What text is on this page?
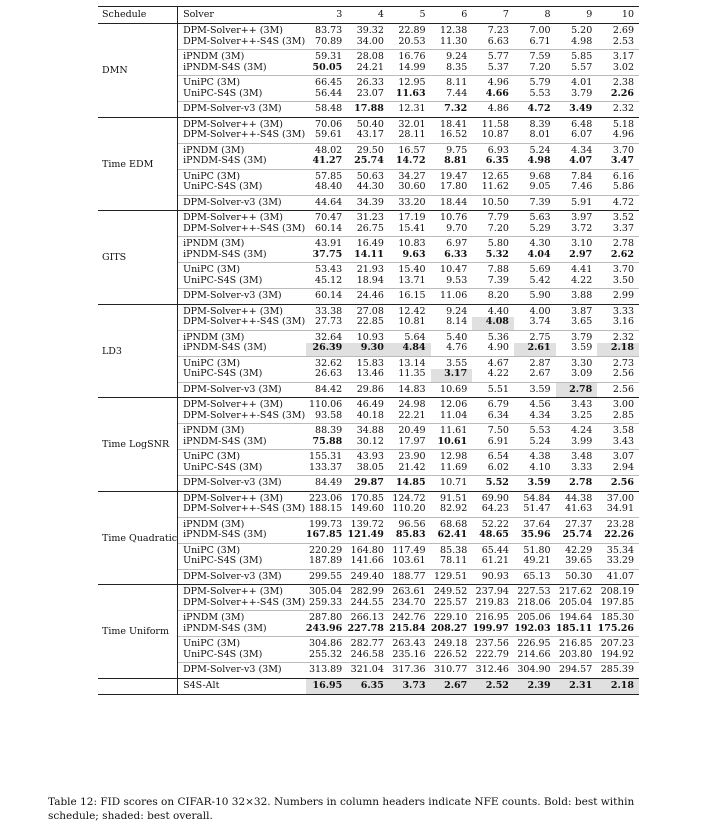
Schedule	Solver	3	4	5	6	7	8	9	10
DMN	DPM-Solver++ (3M)	83.73	39.32	22.89	12.38	7.23	7.00	5.20	2.69
	DPM-Solver++-S4S (3M)	70.89	34.00	20.53	11.30	6.63	6.71	4.98	2.53
	iPNDM (3M)	59.31	28.08	16.76	9.24	5.77	7.59	5.85	3.17
	iPNDM-S4S (3M)	50.05	24.21	14.99	8.35	5.37	7.20	5.57	3.02
	UniPC (3M)	66.45	26.33	12.95	8.11	4.96	5.79	4.01	2.38
	UniPC-S4S (3M)	56.44	23.07	11.63	7.44	4.66	5.53	3.79	2.26
	DPM-Solver-v3 (3M)	58.48	17.88	12.31	7.32	4.86	4.72	3.49	2.32
Time EDM	DPM-Solver++ (3M)	70.06	50.40	32.01	18.41	11.58	8.39	6.48	5.18
	DPM-Solver++-S4S (3M)	59.61	43.17	28.11	16.52	10.87	8.01	6.07	4.96
	iPNDM (3M)	48.02	29.50	16.57	9.75	6.93	5.24	4.34	3.70
	iPNDM-S4S (3M)	41.27	25.74	14.72	8.81	6.35	4.98	4.07	3.47
	UniPC (3M)	57.85	50.63	34.27	19.47	12.65	9.68	7.84	6.16
	UniPC-S4S (3M)	48.40	44.30	30.60	17.80	11.62	9.05	7.46	5.86
	DPM-Solver-v3 (3M)	44.64	34.39	33.20	18.44	10.50	7.39	5.91	4.72
GITS	DPM-Solver++ (3M)	70.47	31.23	17.19	10.76	7.79	5.63	3.97	3.52
	DPM-Solver++-S4S (3M)	60.14	26.75	15.41	9.70	7.20	5.29	3.72	3.37
	iPNDM (3M)	43.91	16.49	10.83	6.97	5.80	4.30	3.10	2.78
	iPNDM-S4S (3M)	37.75	14.11	9.63	6.33	5.32	4.04	2.97	2.62
	UniPC (3M)	53.43	21.93	15.40	10.47	7.88	5.69	4.41	3.70
	UniPC-S4S (3M)	45.12	18.94	13.71	9.53	7.39	5.42	4.22	3.50
	DPM-Solver-v3 (3M)	60.14	24.46	16.15	11.06	8.20	5.90	3.88	2.99
LD3	DPM-Solver++ (3M)	33.38	27.08	12.42	9.24	4.40	4.00	3.87	3.33
	DPM-Solver++-S4S (3M)	27.73	22.85	10.81	8.14	4.08	3.74	3.65	3.16
	iPNDM (3M)	32.64	10.93	5.64	5.40	5.36	2.75	3.79	2.32
	iPNDM-S4S (3M)	26.39	9.30	4.84	4.76	4.90	2.61	3.59	2.18
	UniPC (3M)	32.62	15.83	13.14	3.55	4.67	2.87	3.30	2.73
	UniPC-S4S (3M)	26.63	13.46	11.35	3.17	4.22	2.67	3.09	2.56
	DPM-Solver-v3 (3M)	84.42	29.86	14.83	10.69	5.51	3.59	2.78	2.56
Time LogSNR	DPM-Solver++ (3M)	110.06	46.49	24.98	12.06	6.79	4.56	3.43	3.00
	DPM-Solver++-S4S (3M)	93.58	40.18	22.21	11.04	6.34	4.34	3.25	2.85
	iPNDM (3M)	88.39	34.88	20.49	11.61	7.50	5.53	4.24	3.58
	iPNDM-S4S (3M)	75.88	30.12	17.97	10.61	6.91	5.24	3.99	3.43
	UniPC (3M)	155.31	43.93	23.90	12.98	6.54	4.38	3.48	3.07
	UniPC-S4S (3M)	133.37	38.05	21.42	11.69	6.02	4.10	3.33	2.94
	DPM-Solver-v3 (3M)	84.49	29.87	14.85	10.71	5.52	3.59	2.78	2.56
Time Quadratic	DPM-Solver++ (3M)	223.06	170.85	124.72	91.51	69.90	54.84	44.38	37.00
	DPM-Solver++-S4S (3M)	188.15	149.60	110.20	82.92	64.23	51.47	41.63	34.91
	iPNDM (3M)	199.73	139.72	96.56	68.68	52.22	37.64	27.37	23.28
	iPNDM-S4S (3M)	167.85	121.49	85.83	62.41	48.65	35.96	25.74	22.26
	UniPC (3M)	220.29	164.80	117.49	85.38	65.44	51.80	42.29	35.34
	UniPC-S4S (3M)	187.89	141.66	103.61	78.11	61.21	49.21	39.65	33.29
	DPM-Solver-v3 (3M)	299.55	249.40	188.77	129.51	90.93	65.13	50.30	41.07
Time Uniform	DPM-Solver++ (3M)	305.04	282.99	263.61	249.52	237.94	227.53	217.62	208.19
	DPM-Solver++-S4S (3M)	259.33	244.55	234.70	225.57	219.83	218.06	205.04	197.85
	iPNDM (3M)	287.80	266.13	242.76	229.10	216.95	205.06	194.64	185.30
	iPNDM-S4S (3M)	243.96	227.78	215.84	208.27	199.97	192.03	185.11	175.26
	UniPC (3M)	304.86	282.77	263.43	249.18	237.56	226.95	216.85	207.23
	UniPC-S4S (3M)	255.32	246.58	235.16	226.52	222.79	214.66	203.80	194.92
	DPM-Solver-v3 (3M)	313.89	321.04	317.36	310.77	312.46	304.90	294.57	285.39
	S4S-Alt	16.95	6.35	3.73	2.67	2.52	2.39	2.31	2.18
Table 12: FID scores on CIFAR-10 32×32. Numbers in column headers indicate NFE counts. Bold: best within schedule; shaded: best overall.
